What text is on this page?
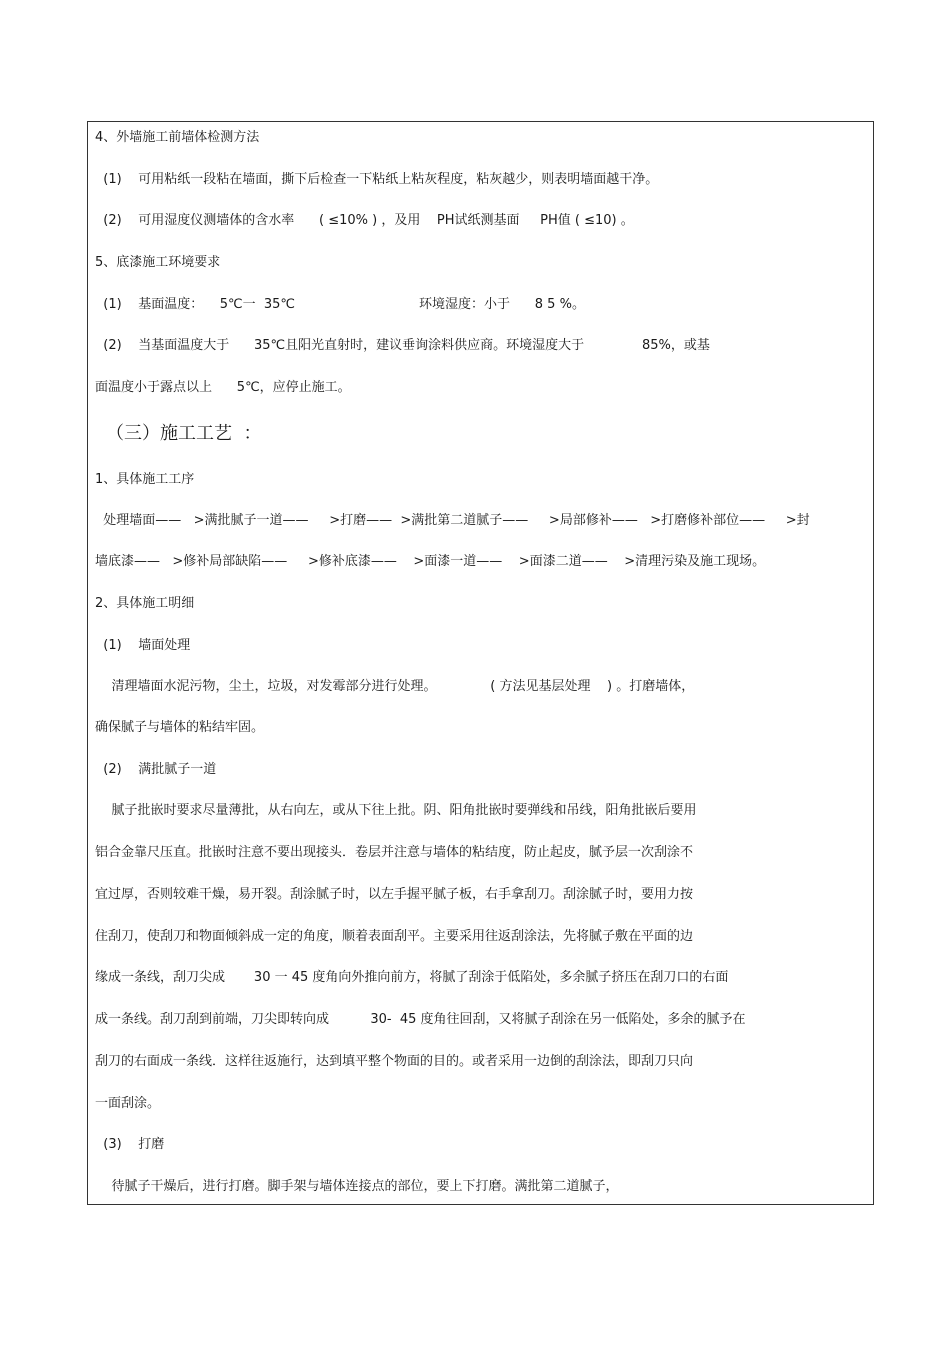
4、外墙施工前墙体检测方法
(1)    可用粘纸一段粘在墙面，撕下后检查一下粘纸上粘灰程度，粘灰越少，则表明墙面越干净。
(2)    可用湿度仪测墙体的含水率      ( ≤10% ) ，及用    PH试纸测基面     PH值 ( ≤10) 。
5、底漆施工环境要求
(1)    基面温度：    5℃一  35℃                              环境湿度：小于      8 5 %。
(2)    当基面温度大于      35℃且阳光直射时，建议垂询涂料供应商。环境湿度大于              85%，或基
面温度小于露点以上      5℃，应停止施工。
（三）施工工艺  ：
1、具体施工工序
处理墙面——   >满批腻子一道——     >打磨——  >满批第二道腻子——     >局部修补——   >打磨修补部位——     >封
墙底漆——   >修补局部缺陷——     >修补底漆——    >面漆一道——    >面漆二道——    >清理污染及施工现场。
2、具体施工明细
(1)    墙面处理
清理墙面水泥污物，尘土，垃圾，对发霉部分进行处理。             ( 方法见基层处理    ) 。打磨墙体，
确保腻子与墙体的粘结牢固。
(2)    满批腻子一道
腻子批嵌时要求尽量薄批，从右向左，或从下往上批。阴、阳角批嵌时要弹线和吊线，阳角批嵌后要用
铝合金靠尺压直。批嵌时注意不要出现接头．卷层并注意与墙体的粘结度，防止起皮，腻予层一次刮涂不
宜过厚，否则较难干燥，易开裂。刮涂腻子时，以左手握平腻子板，右手拿刮刀。刮涂腻子时，要用力按
住刮刀，使刮刀和物面倾斜成一定的角度，顺着表面刮平。主要采用往返刮涂法，先将腻子敷在平面的边
缘成一条线，刮刀尖成       30 一 45 度角向外推向前方，将腻了刮涂于低陷处，多余腻子挤压在刮刀口的右面
成一条线。刮刀刮到前端，刀尖即转向成          30-  45 度角往回刮，又将腻子刮涂在另一低陷处，多余的腻予在
刮刀的右面成一条线．这样往返施行，达到填平整个物面的目的。或者采用一边倒的刮涂法，即刮刀只向
一面刮涂。
(3)    打磨
待腻子干燥后，进行打磨。脚手架与墙体连接点的部位，要上下打磨。满批第二道腻子，
